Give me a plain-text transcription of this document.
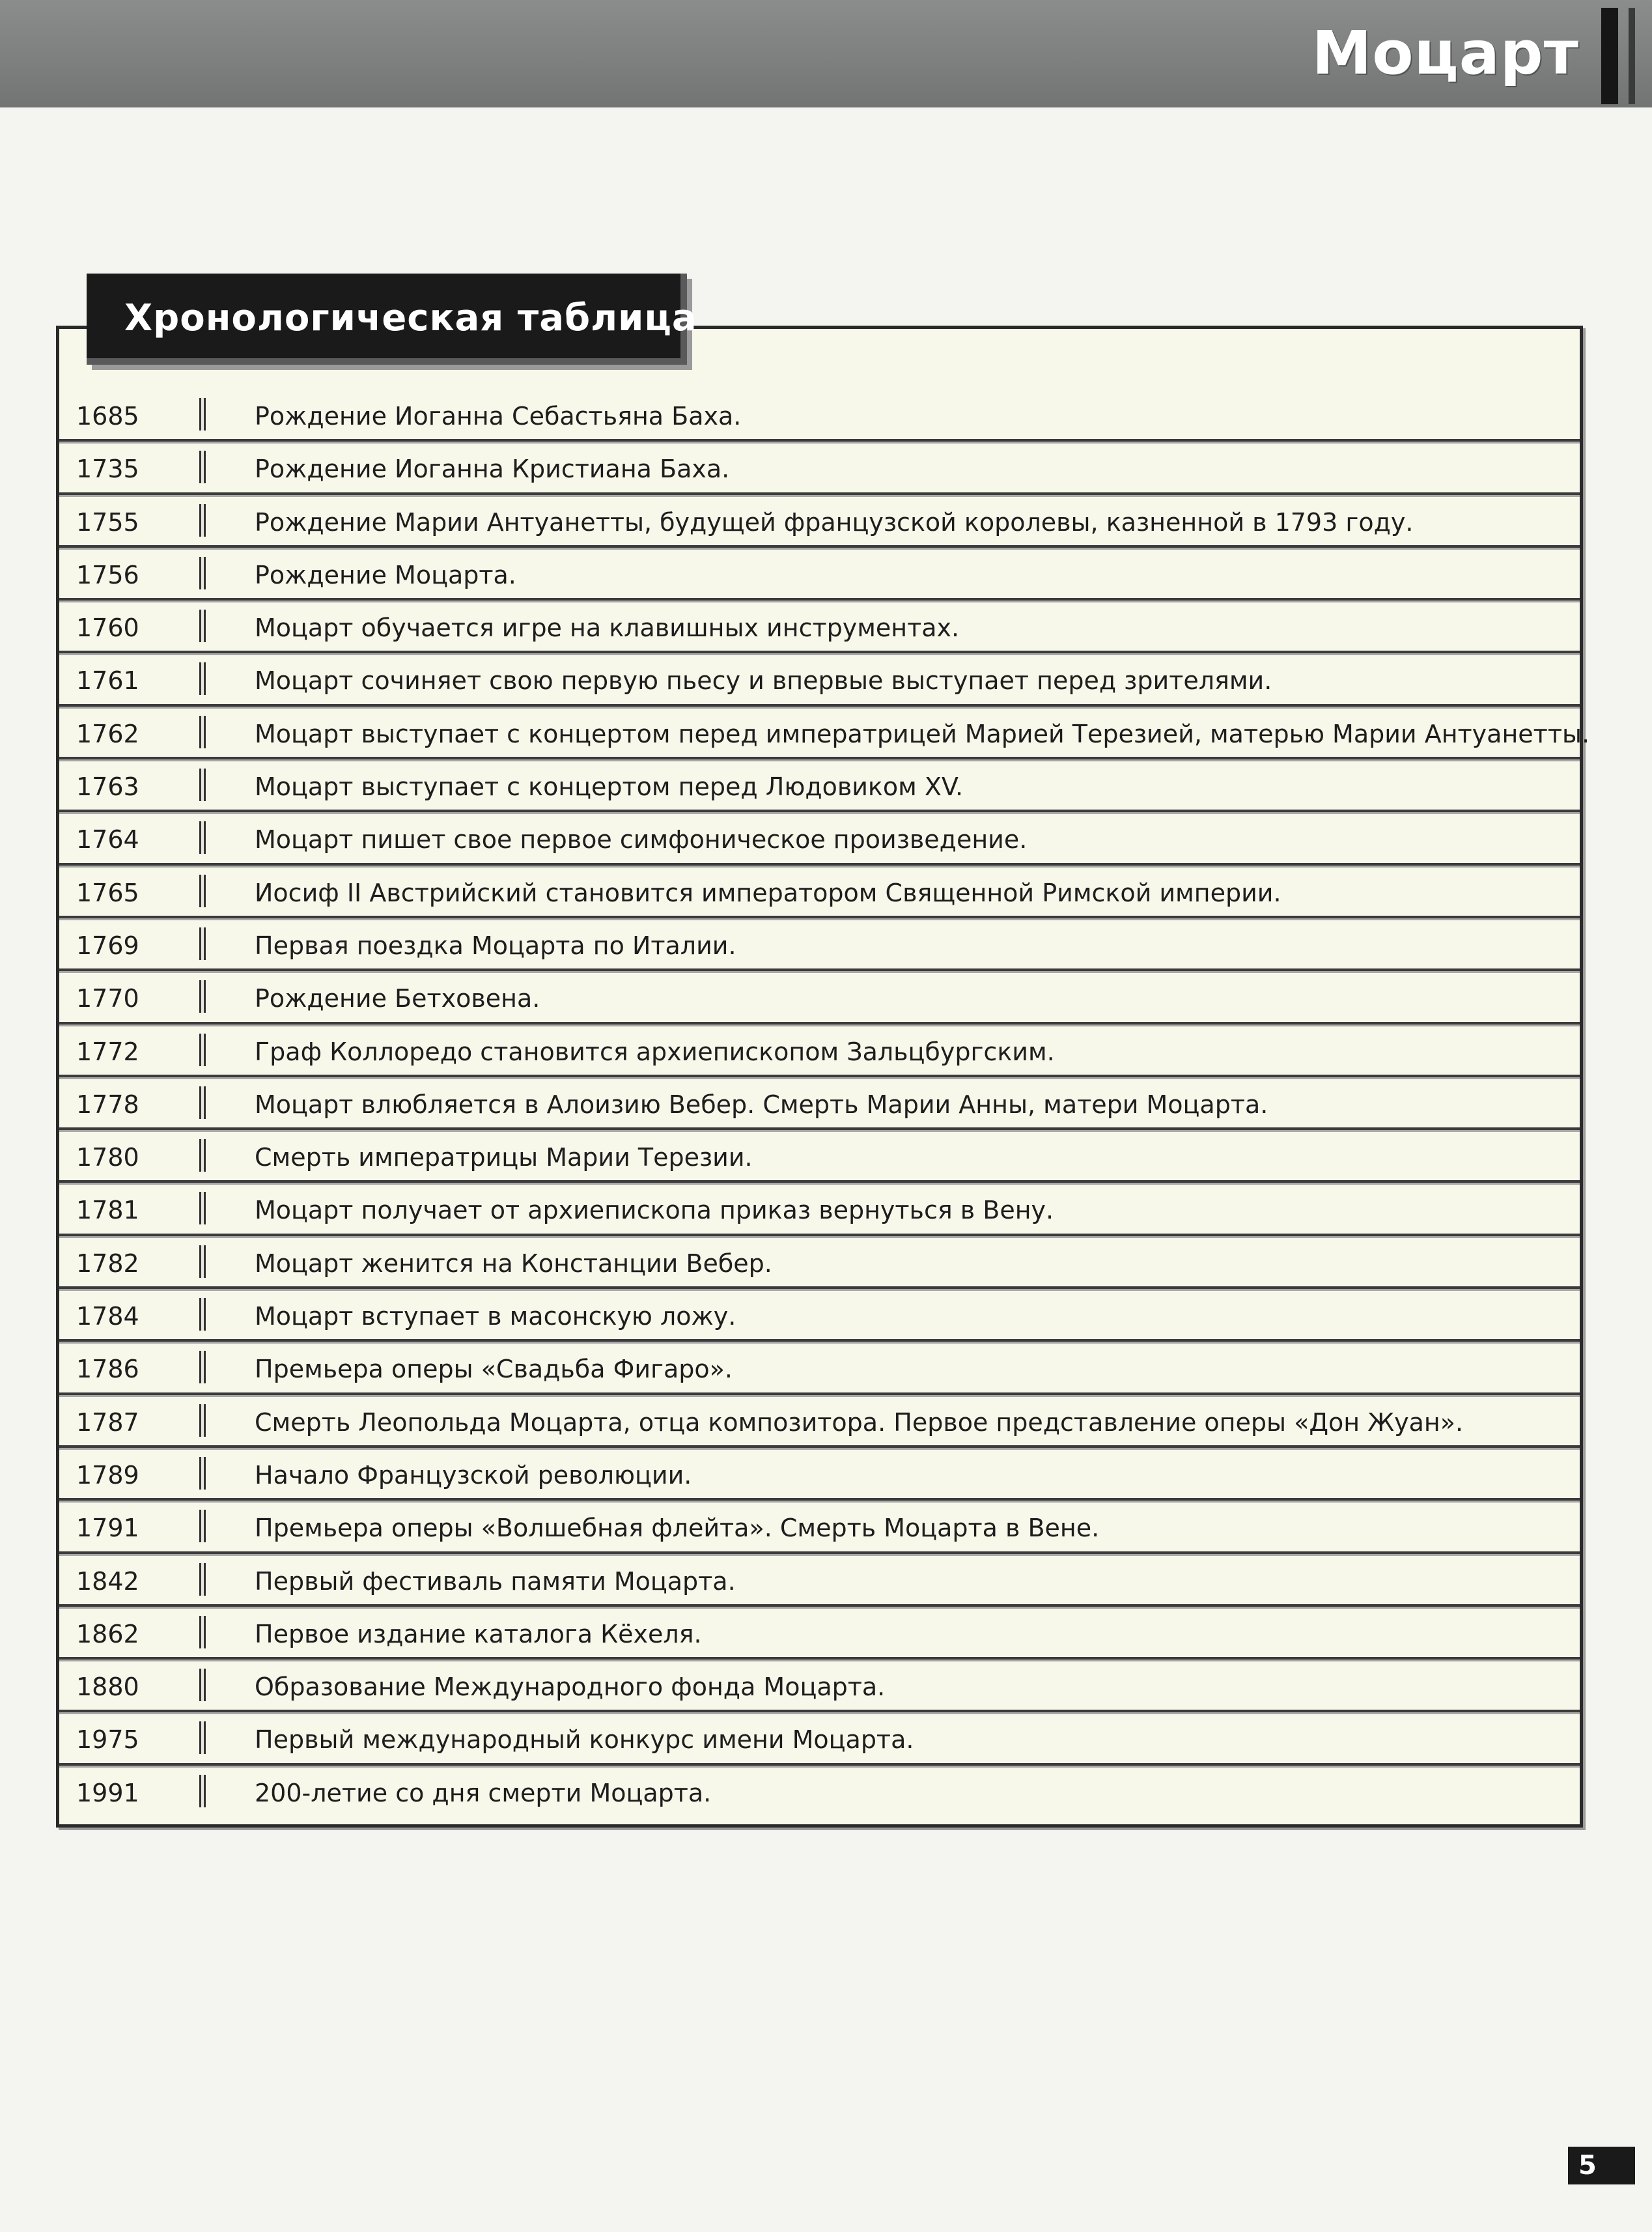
Моцарт
Хронологическая таблица
1685	Рождение Иоганна Себастьяна Баха.
1735	Рождение Иоганна Кристиана Баха.
1755	Рождение Марии Антуанетты, будущей французской королевы, казненной в 1793 году.
1756	Рождение Моцарта.
1760	Моцарт обучается игре на клавишных инструментах.
1761	Моцарт сочиняет свою первую пьесу и впервые выступает перед зрителями.
1762	Моцарт выступает с концертом перед императрицей Марией Терезией, матерью Марии Антуанетты.
1763	Моцарт выступает с концертом перед Людовиком XV.
1764	Моцарт пишет свое первое симфоническое произведение.
1765	Иосиф II Австрийский становится императором Священной Римской империи.
1769	Первая поездка Моцарта по Италии.
1770	Рождение Бетховена.
1772	Граф Коллоредо становится архиепископом Зальцбургским.
1778	Моцарт влюбляется в Алоизию Вебер. Смерть Марии Анны, матери Моцарта.
1780	Смерть императрицы Марии Терезии.
1781	Моцарт получает от архиепископа приказ вернуться в Вену.
1782	Моцарт женится на Констанции Вебер.
1784	Моцарт вступает в масонскую ложу.
1786	Премьера оперы «Свадьба Фигаро».
1787	Смерть Леопольда Моцарта, отца композитора. Первое представление оперы «Дон Жуан».
1789	Начало Французской революции.
1791	Премьера оперы «Волшебная флейта». Смерть Моцарта в Вене.
1842	Первый фестиваль памяти Моцарта.
1862	Первое издание каталога Кёхеля.
1880	Образование Международного фонда Моцарта.
1975	Первый международный конкурс имени Моцарта.
1991	200-летие со дня смерти Моцарта.
5
